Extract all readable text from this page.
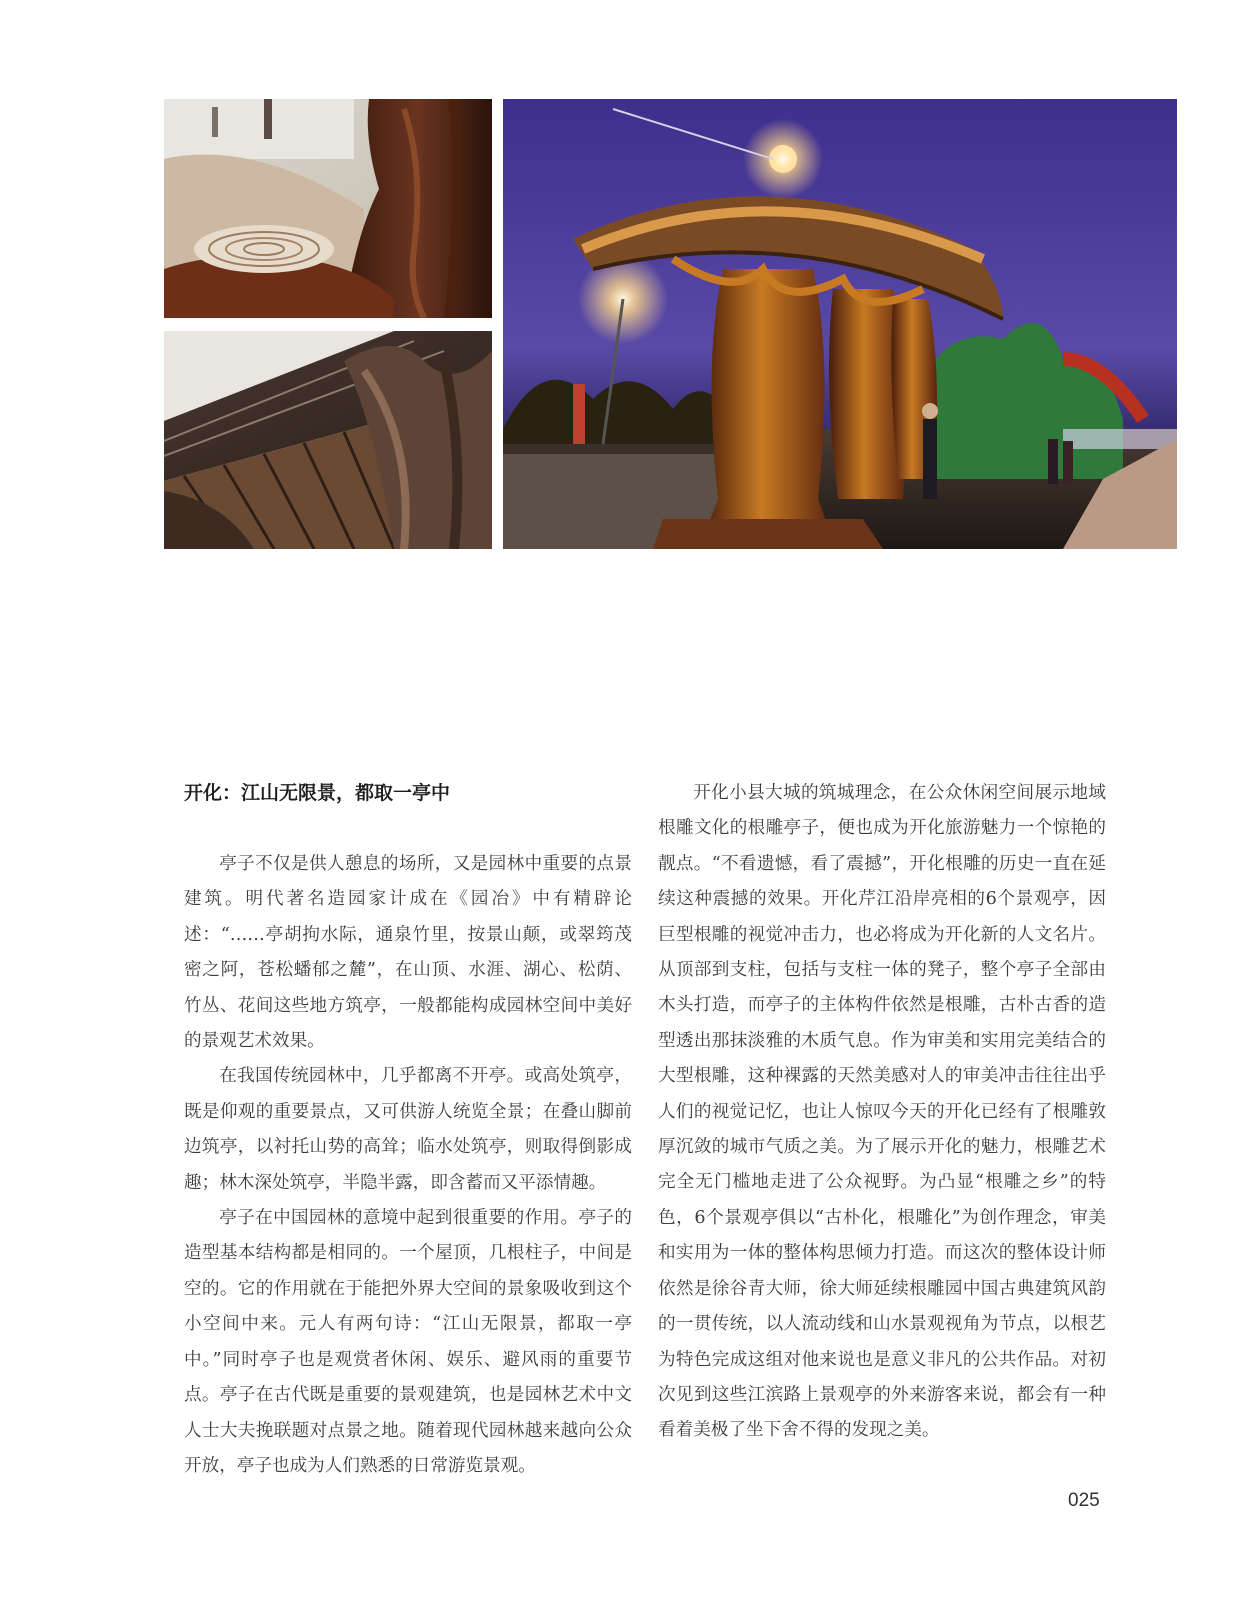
开化：江山无限景，都取一亭中

亭子不仅是供人憩息的场所，又是园林中重要的点景建筑。明代著名造园家计成在《园冶》中有精辟论述：“……亭胡拘水际，通泉竹里，按景山颠，或翠筠茂密之阿，苍松蟠郁之麓”，在山顶、水涯、湖心、松荫、竹丛、花间这些地方筑亭，一般都能构成园林空间中美好的景观艺术效果。

在我国传统园林中，几乎都离不开亭。或高处筑亭，既是仰观的重要景点，又可供游人统览全景；在叠山脚前边筑亭，以衬托山势的高耸；临水处筑亭，则取得倒影成趣；林木深处筑亭，半隐半露，即含蓄而又平添情趣。

亭子在中国园林的意境中起到很重要的作用。亭子的造型基本结构都是相同的。一个屋顶，几根柱子，中间是空的。它的作用就在于能把外界大空间的景象吸收到这个小空间中来。元人有两句诗：“江山无限景，都取一亭中。”同时亭子也是观赏者休闲、娱乐、避风雨的重要节点。亭子在古代既是重要的景观建筑，也是园林艺术中文人士大夫挽联题对点景之地。随着现代园林越来越向公众开放，亭子也成为人们熟悉的日常游览景观。

开化小县大城的筑城理念，在公众休闲空间展示地域根雕文化的根雕亭子，便也成为开化旅游魅力一个惊艳的靓点。“不看遗憾，看了震撼”，开化根雕的历史一直在延续这种震撼的效果。开化芹江沿岸亮相的6个景观亭，因巨型根雕的视觉冲击力，也必将成为开化新的人文名片。从顶部到支柱，包括与支柱一体的凳子，整个亭子全部由木头打造，而亭子的主体构件依然是根雕，古朴古香的造型透出那抹淡雅的木质气息。作为审美和实用完美结合的大型根雕，这种裸露的天然美感对人的审美冲击往往出乎人们的视觉记忆，也让人惊叹今天的开化已经有了根雕敦厚沉敛的城市气质之美。为了展示开化的魅力，根雕艺术完全无门槛地走进了公众视野。为凸显“根雕之乡”的特色，6个景观亭俱以“古朴化，根雕化”为创作理念，审美和实用为一体的整体构思倾力打造。而这次的整体设计师依然是徐谷青大师，徐大师延续根雕园中国古典建筑风韵的一贯传统，以人流动线和山水景观视角为节点，以根艺为特色完成这组对他来说也是意义非凡的公共作品。对初次见到这些江滨路上景观亭的外来游客来说，都会有一种看着美极了坐下舍不得的发现之美。

025
